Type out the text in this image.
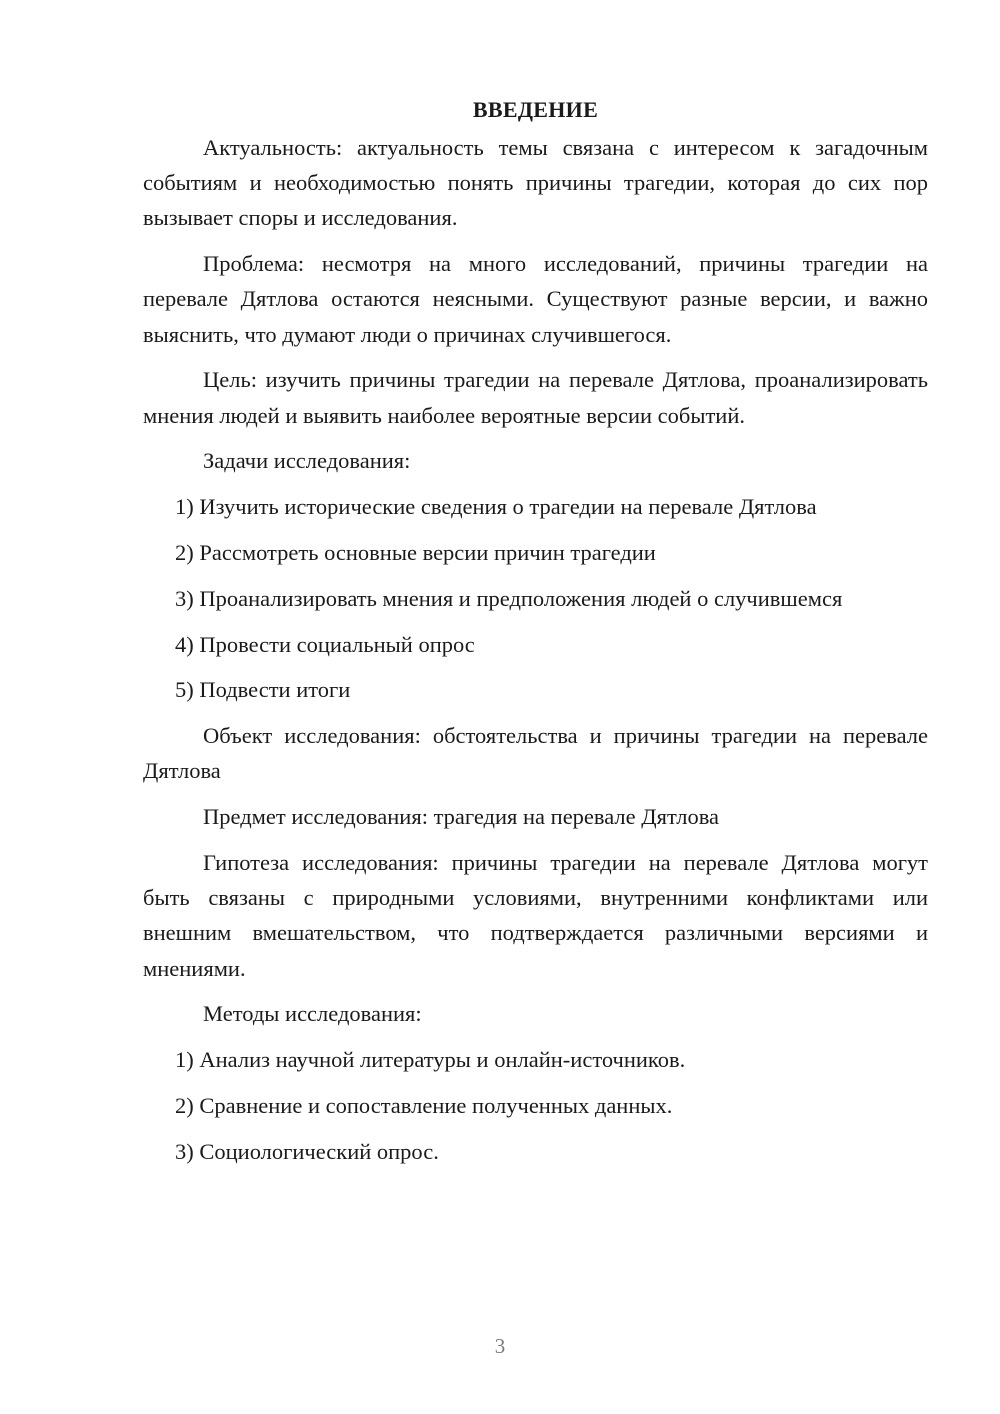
ВВЕДЕНИЕ

Актуальность: актуальность темы связана с интересом к загадочным событиям и необходимостью понять причины трагедии, которая до сих пор вызывает споры и исследования.

Проблема: несмотря на много исследований, причины трагедии на перевале Дятлова остаются неясными. Существуют разные версии, и важно выяснить, что думают люди о причинах случившегося.

Цель: изучить причины трагедии на перевале Дятлова, проанализировать мнения людей и выявить наиболее вероятные версии событий.

Задачи исследования:
1) Изучить исторические сведения о трагедии на перевале Дятлова
2) Рассмотреть основные версии причин трагедии
3) Проанализировать мнения и предположения людей о случившемся
4) Провести социальный опрос
5) Подвести итоги

Объект исследования: обстоятельства и причины трагедии на перевале Дятлова

Предмет исследования: трагедия на перевале Дятлова

Гипотеза исследования: причины трагедии на перевале Дятлова могут быть связаны с природными условиями, внутренними конфликтами или внешним вмешательством, что подтверждается различными версиями и мнениями.

Методы исследования:
1) Анализ научной литературы и онлайн-источников.
2) Сравнение и сопоставление полученных данных.
3) Социологический опрос.
3
